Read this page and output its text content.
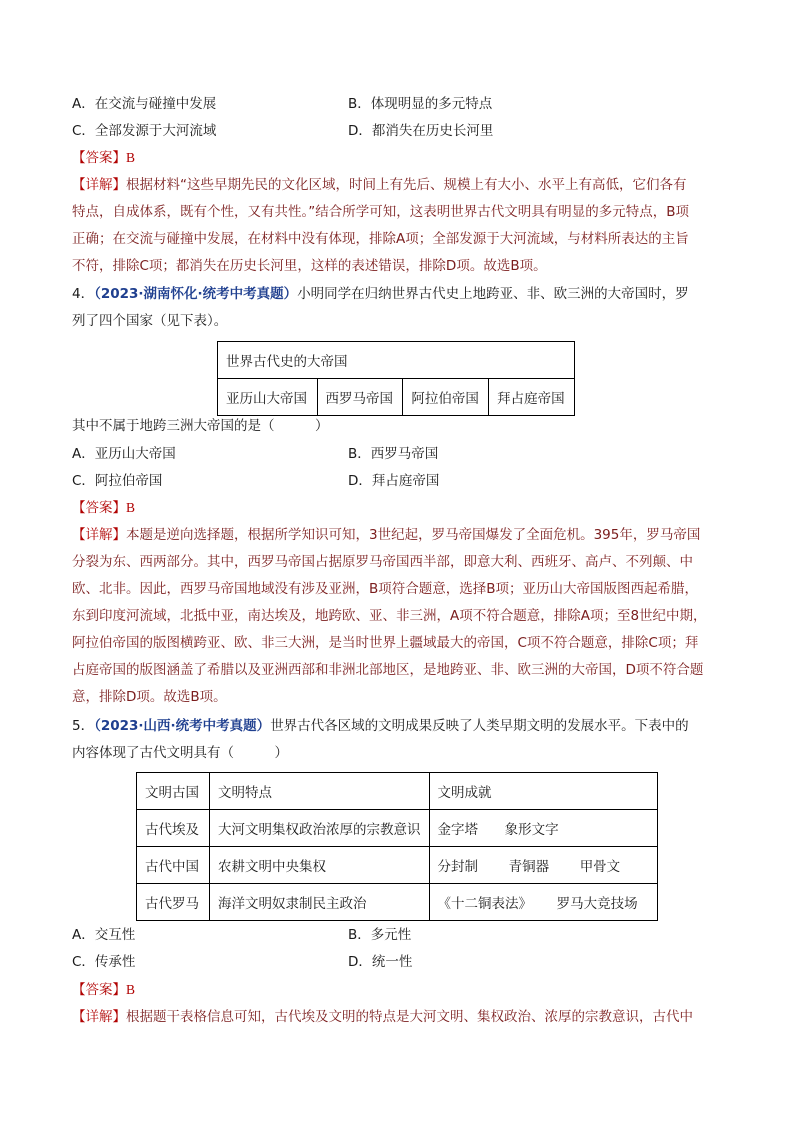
A．在交流与碰撞中发展	B．体现明显的多元特点
C．全部发源于大河流域	D．都消失在历史长河里
【答案】B
【详解】根据材料“这些早期先民的文化区域，时间上有先后、规模上有大小、水平上有高低，它们各有
特点，自成体系，既有个性，又有共性。”结合所学可知，这表明世界古代文明具有明显的多元特点，B项
正确；在交流与碰撞中发展，在材料中没有体现，排除A项；全部发源于大河流域，与材料所表达的主旨
不符，排除C项；都消失在历史长河里，这样的表述错误，排除D项。故选B项。
4．（2023·湖南怀化·统考中考真题）小明同学在归纳世界古代史上地跨亚、非、欧三洲的大帝国时，罗
列了四个国家（见下表）。
世界古代史的大帝国
亚历山大帝国	西罗马帝国	阿拉伯帝国	拜占庭帝国
其中不属于地跨三洲大帝国的是（　　　）
A．亚历山大帝国	B．西罗马帝国
C．阿拉伯帝国	D．拜占庭帝国
【答案】B
【详解】本题是逆向选择题，根据所学知识可知，3世纪起，罗马帝国爆发了全面危机。395年，罗马帝国
分裂为东、西两部分。其中，西罗马帝国占据原罗马帝国西半部，即意大利、西班牙、高卢、不列颠、中
欧、北非。因此，西罗马帝国地域没有涉及亚洲，B项符合题意，选择B项；亚历山大帝国版图西起希腊，
东到印度河流域，北抵中亚，南达埃及，地跨欧、亚、非三洲，A项不符合题意，排除A项；至8世纪中期，
阿拉伯帝国的版图横跨亚、欧、非三大洲，是当时世界上疆域最大的帝国，C项不符合题意，排除C项；拜
占庭帝国的版图涵盖了希腊以及亚洲西部和非洲北部地区，是地跨亚、非、欧三洲的大帝国，D项不符合题
意，排除D项。故选B项。
5．（2023·山西·统考中考真题）世界古代各区域的文明成果反映了人类早期文明的发展水平。下表中的
内容体现了古代文明具有（　　　）
文明古国	文明特点	文明成就
古代埃及	大河文明集权政治浓厚的宗教意识	金字塔 象形文字
古代中国	农耕文明中央集权	分封制 青铜器 甲骨文
古代罗马	海洋文明奴隶制民主政治	《十二铜表法》 罗马大竞技场
A．交互性	B．多元性
C．传承性	D．统一性
【答案】B
【详解】根据题干表格信息可知，古代埃及文明的特点是大河文明、集权政治、浓厚的宗教意识，古代中
